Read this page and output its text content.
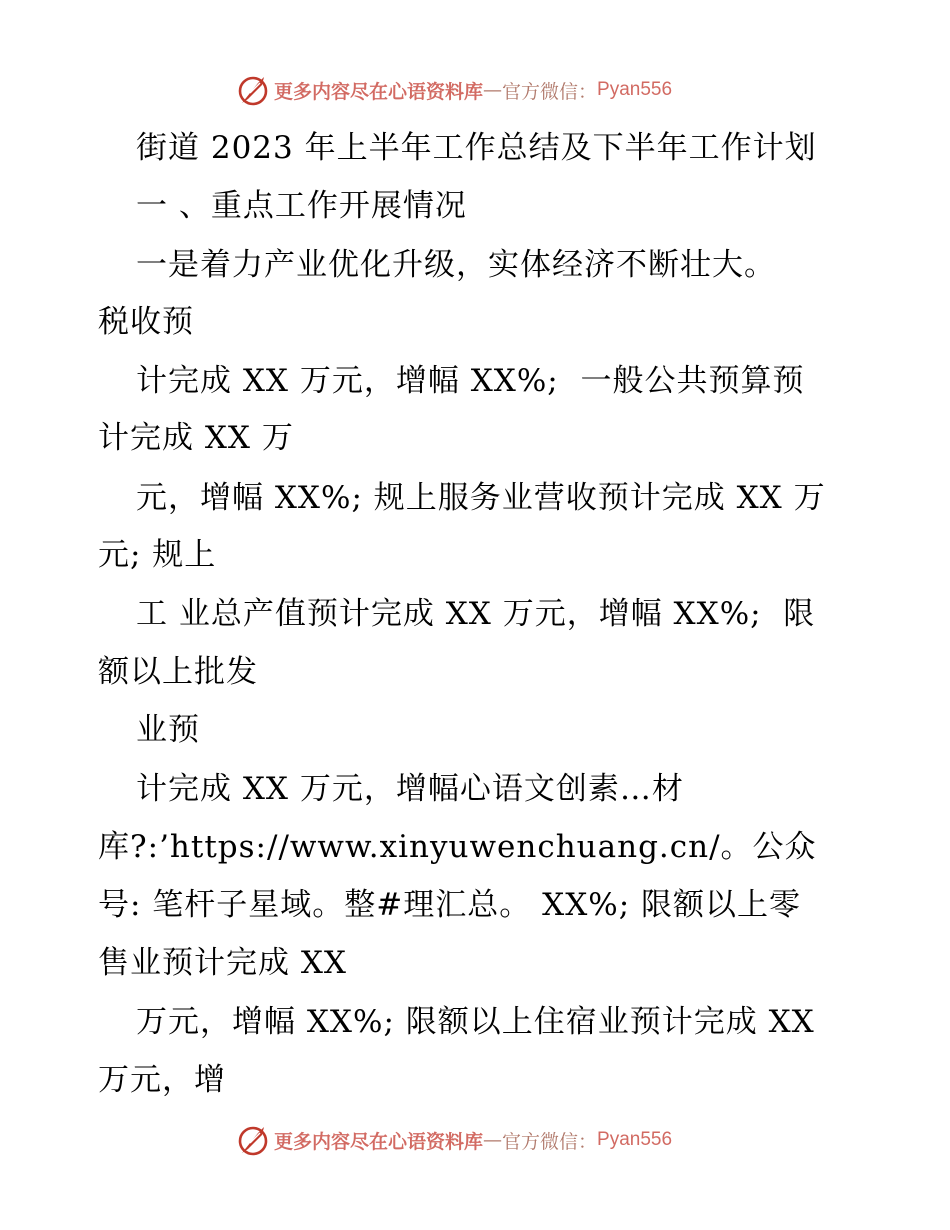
更多内容尽在心语资料库 — 官方微信： Pyan556
街道 2023 年上半年工作总结及下半年工作计划
一 、重点工作开展情况
一是着力产业优化升级，实体经济不断壮大。
税收预
计完成 XX 万元，增幅 XX%;  一般公共预算预
计完成 XX 万
元，增幅 XX%; 规上服务业营收预计完成 XX 万
元; 规上
工 业总产值预计完成 XX 万元，增幅 XX%;  限
额以上批发
业预
计完成 XX 万元，增幅心语文创素…材
库?:’https://www.xinyuwenchuang.cn/。公众
号: 笔杆子星域。整#理汇总。 XX%; 限额以上零
售业预计完成 XX
万元，增幅 XX%; 限额以上住宿业预计完成 XX
万元，增
更多内容尽在心语资料库 — 官方微信： Pyan556
